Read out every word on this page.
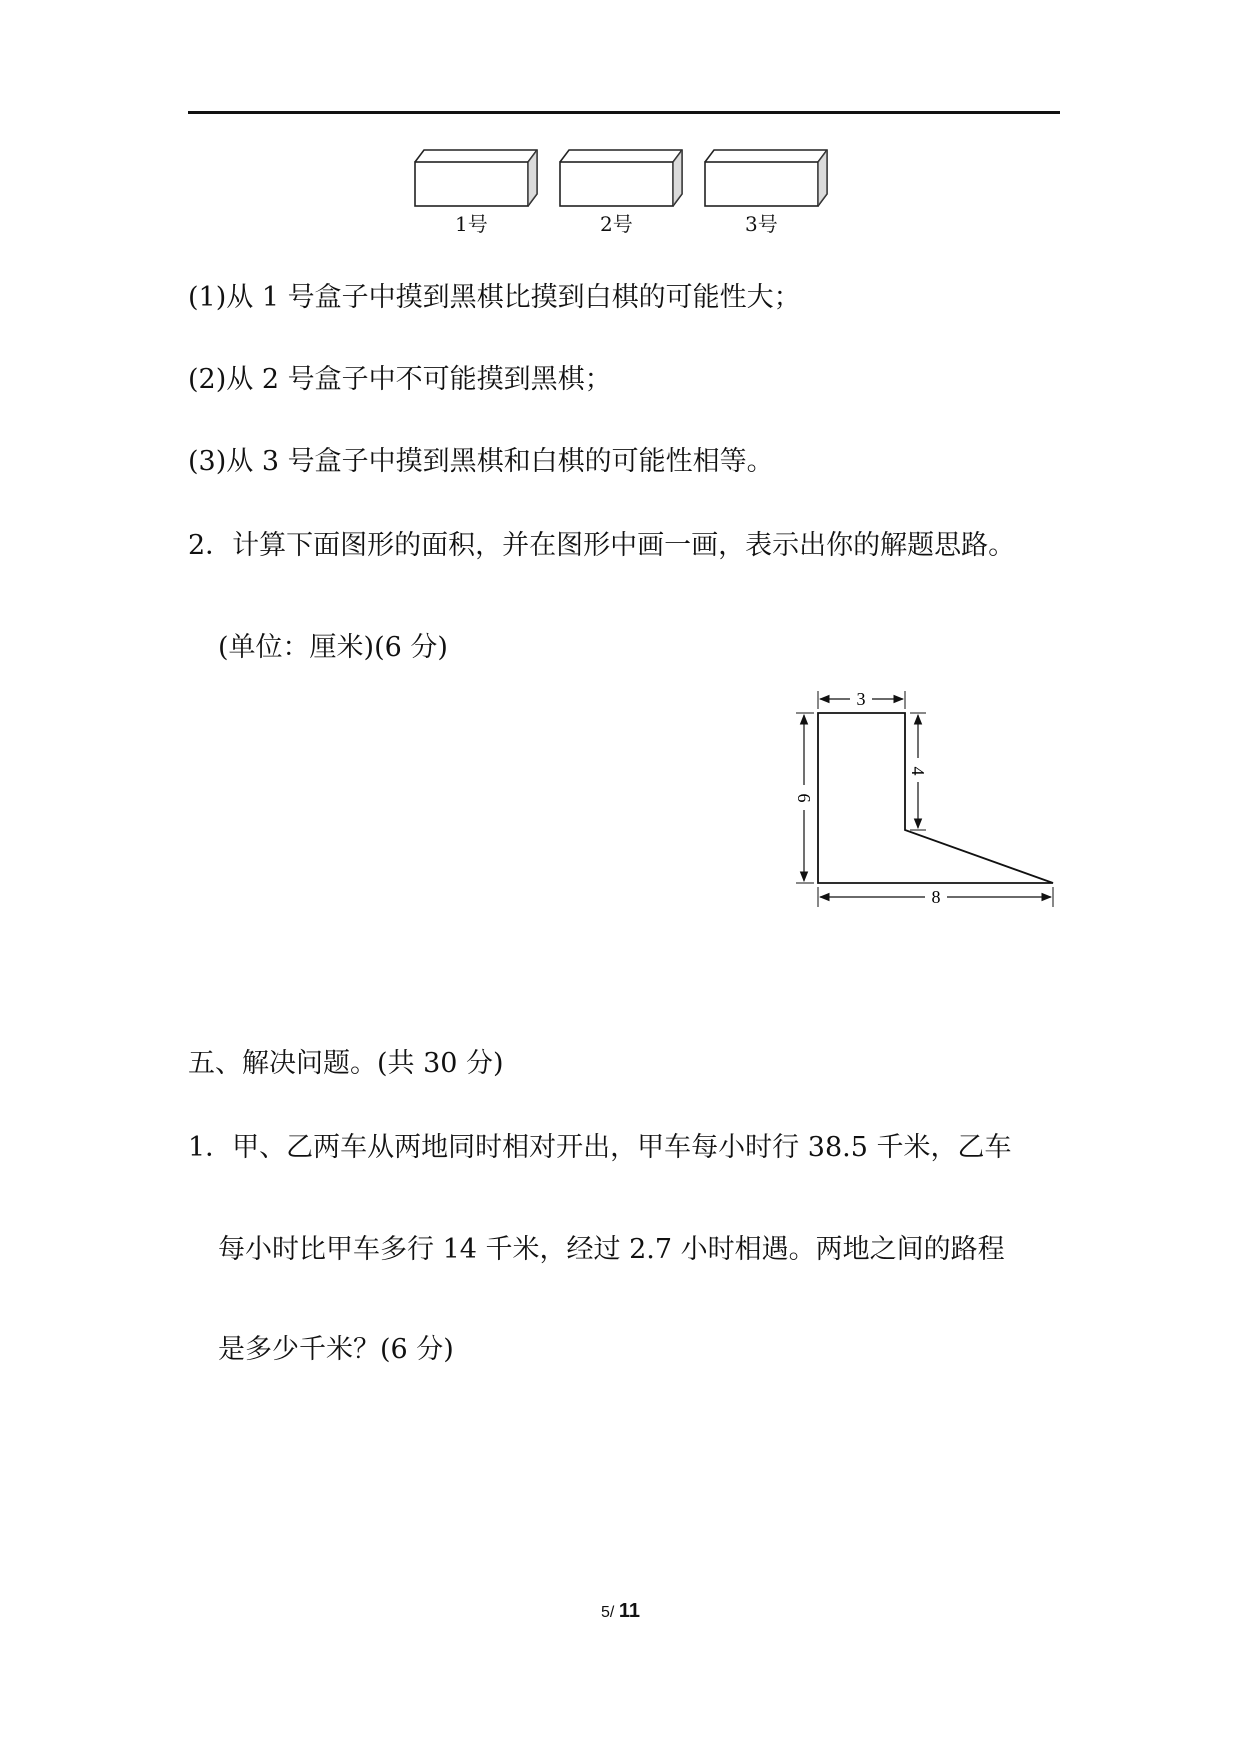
1号	2号	3号
(1)从 1 号盒子中摸到黑棋比摸到白棋的可能性大；
(2)从 2 号盒子中不可能摸到黑棋；
(3)从 3 号盒子中摸到黑棋和白棋的可能性相等。
2．计算下面图形的面积，并在图形中画一画，表示出你的解题思路。
(单位：厘米)(6 分)
3
8
6
4
五、解决问题。(共 30 分)
1．甲、乙两车从两地同时相对开出，甲车每小时行 38.5 千米，乙车
每小时比甲车多行 14 千米，经过 2.7 小时相遇。两地之间的路程
是多少千米？(6 分)
5/ 11
